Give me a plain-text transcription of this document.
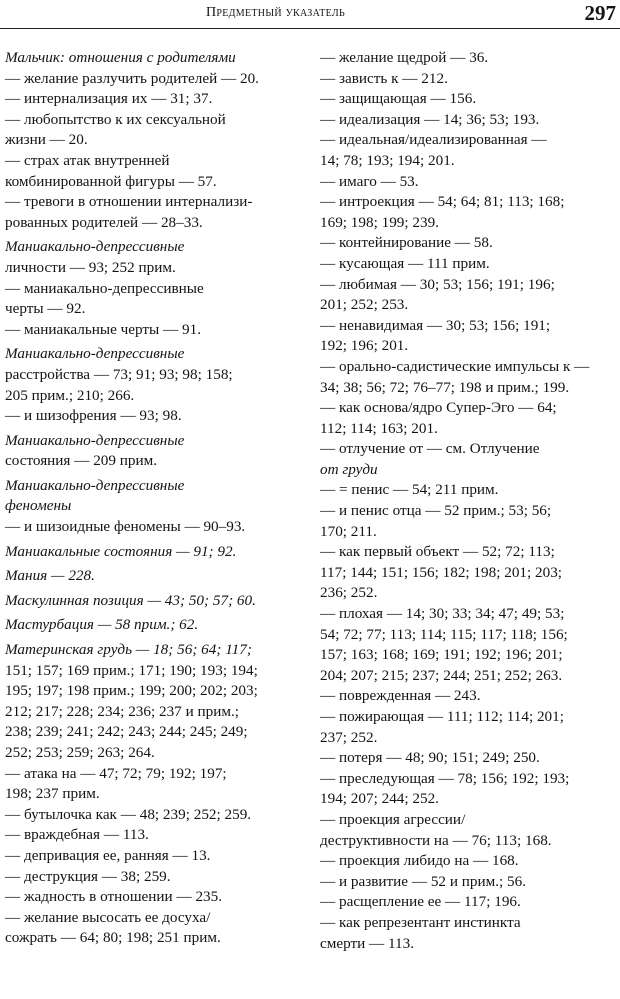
Предметный указатель	297
Мальчик: отношения с родителями
— желание разлучить родителей — 20.
— интернализация их — 31; 37.
— любопытство к их сексуальной
жизни — 20.
— страх атак внутренней
комбинированной фигуры — 57.
— тревоги в отношении интернализи-
рованных родителей — 28–33.
Маниакально-депрессивные
личности — 93; 252 прим.
— маниакально-депрессивные
черты — 92.
— маниакальные черты — 91.
Маниакально-депрессивные
расстройства — 73; 91; 93; 98; 158;
205 прим.; 210; 266.
— и шизофрения — 93; 98.
Маниакально-депрессивные
состояния — 209 прим.
Маниакально-депрессивные
феномены
— и шизоидные феномены — 90–93.
Маниакальные состояния — 91; 92.
Мания — 228.
Маскулинная позиция — 43; 50; 57; 60.
Мастурбация — 58 прим.; 62.
Материнская грудь — 18; 56; 64; 117;
151; 157; 169 прим.; 171; 190; 193; 194;
195; 197; 198 прим.; 199; 200; 202; 203;
212; 217; 228; 234; 236; 237 и прим.;
238; 239; 241; 242; 243; 244; 245; 249;
252; 253; 259; 263; 264.
— атака на — 47; 72; 79; 192; 197;
198; 237 прим.
— бутылочка как — 48; 239; 252; 259.
— враждебная — 113.
— депривация ее, ранняя — 13.
— деструкция — 38; 259.
— жадность в отношении — 235.
— желание высосать ее досуха/
сожрать — 64; 80; 198; 251 прим.
— желание щедрой — 36.
— зависть к — 212.
— защищающая — 156.
— идеализация — 14; 36; 53; 193.
— идеальная/идеализированная —
14; 78; 193; 194; 201.
— имаго — 53.
— интроекция — 54; 64; 81; 113; 168;
169; 198; 199; 239.
— контейнирование — 58.
— кусающая — 111 прим.
— любимая — 30; 53; 156; 191; 196;
201; 252; 253.
— ненавидимая — 30; 53; 156; 191;
192; 196; 201.
— орально-садистические импульсы к —
34; 38; 56; 72; 76–77; 198 и прим.; 199.
— как основа/ядро Супер-Эго — 64;
112; 114; 163; 201.
— отлучение от — см. Отлучение
от груди
— = пенис — 54; 211 прим.
— и пенис отца — 52 прим.; 53; 56;
170; 211.
— как первый объект — 52; 72; 113;
117; 144; 151; 156; 182; 198; 201; 203;
236; 252.
— плохая — 14; 30; 33; 34; 47; 49; 53;
54; 72; 77; 113; 114; 115; 117; 118; 156;
157; 163; 168; 169; 191; 192; 196; 201;
204; 207; 215; 237; 244; 251; 252; 263.
— поврежденная — 243.
— пожирающая — 111; 112; 114; 201;
237; 252.
— потеря — 48; 90; 151; 249; 250.
— преследующая — 78; 156; 192; 193;
194; 207; 244; 252.
— проекция агрессии/
деструктивности на — 76; 113; 168.
— проекция либидо на — 168.
— и развитие — 52 и прим.; 56.
— расщепление ее — 117; 196.
— как репрезентант инстинкта
смерти — 113.
